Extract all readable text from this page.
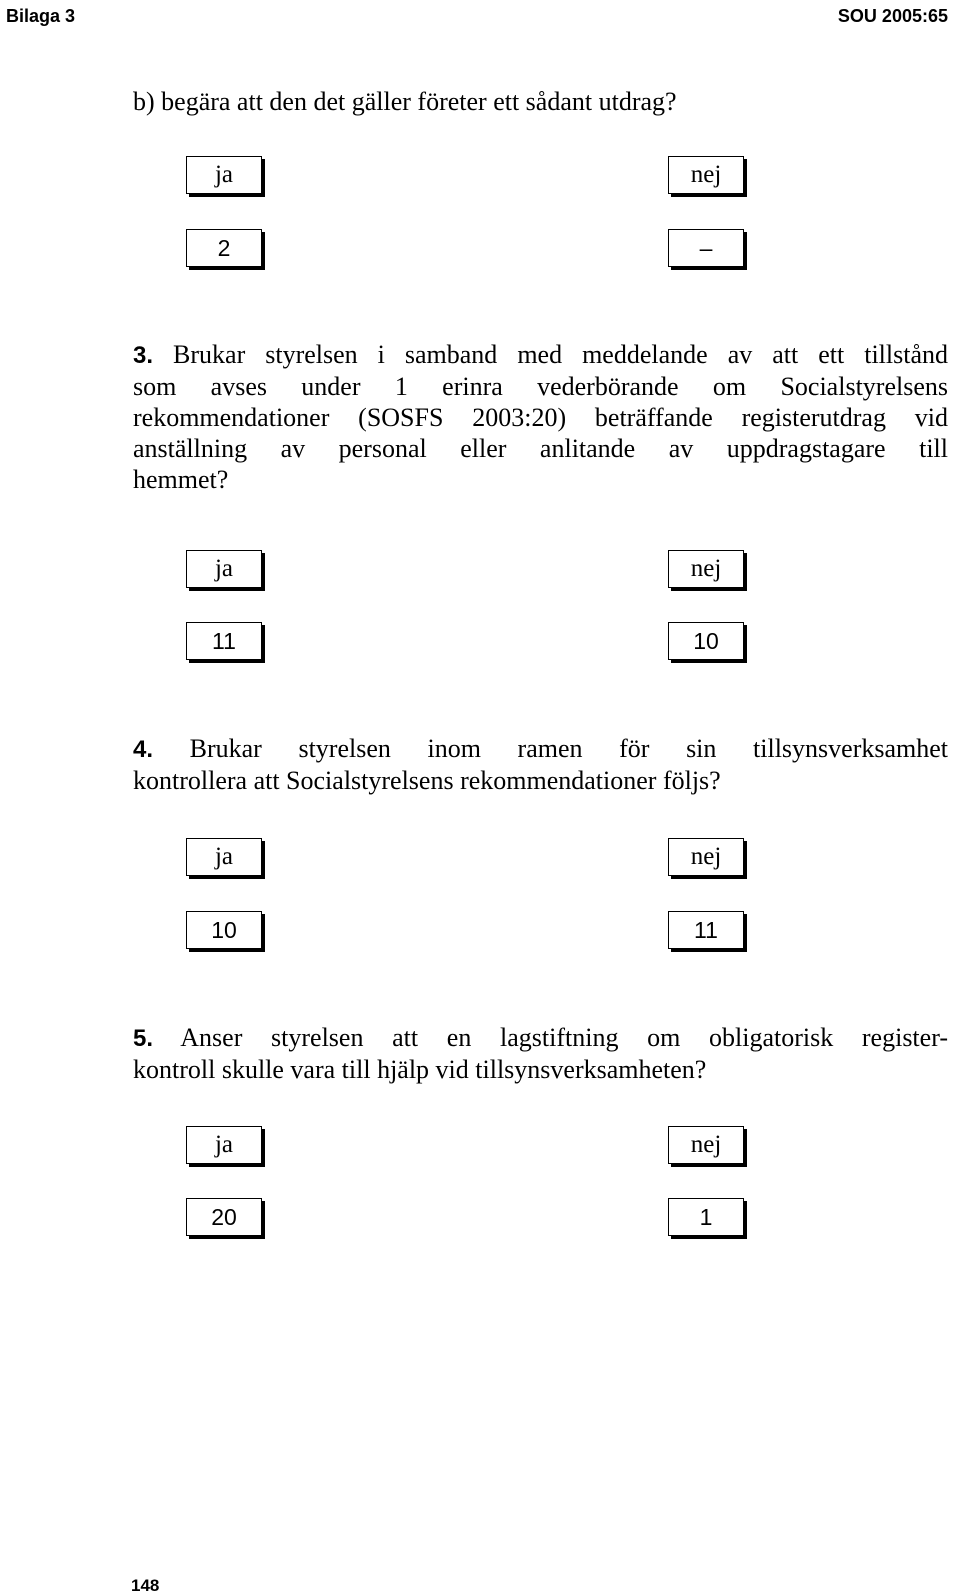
Bilaga 3	SOU 2005:65
b) begära att den det gäller företer ett sådant utdrag?
ja	nej
2	–
3. Brukar styrelsen i samband med meddelande av att ett tillstånd
som avses under 1 erinra vederbörande om Socialstyrelsens
rekommendationer (SOSFS 2003:20) beträffande registerutdrag vid
anställning av personal eller anlitande av uppdragstagare till
hemmet?
ja	nej
11	10
4. Brukar styrelsen inom ramen för sin tillsynsverksamhet
kontrollera att Socialstyrelsens rekommendationer följs?
ja	nej
10	11
5. Anser styrelsen att en lagstiftning om obligatorisk register-
kontroll skulle vara till hjälp vid tillsynsverksamheten?
ja	nej
20	1
148
